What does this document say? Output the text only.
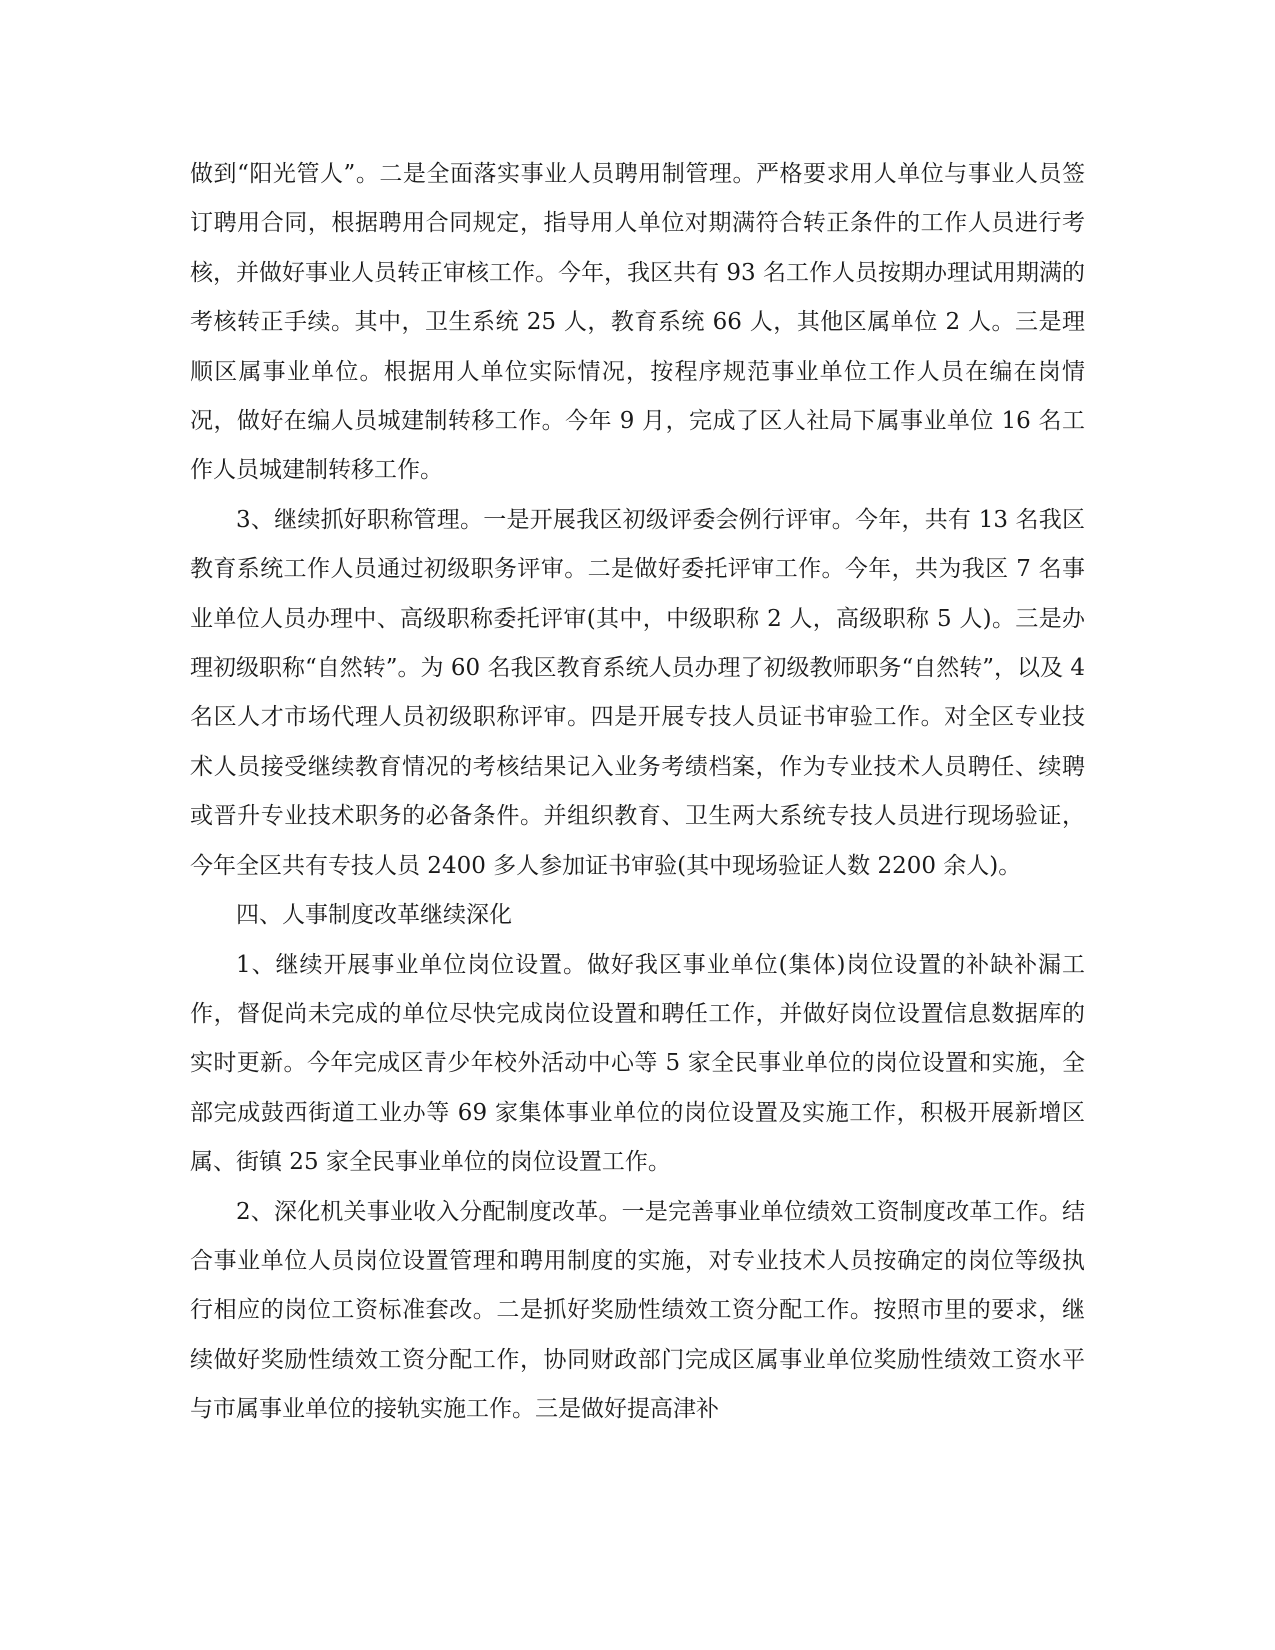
做到“阳光管人”。二是全面落实事业人员聘用制管理。严格要求用人单位与事业人员签订聘用合同，根据聘用合同规定，指导用人单位对期满符合转正条件的工作人员进行考核，并做好事业人员转正审核工作。今年，我区共有 93 名工作人员按期办理试用期满的考核转正手续。其中，卫生系统 25 人，教育系统 66 人，其他区属单位 2 人。三是理顺区属事业单位。根据用人单位实际情况，按程序规范事业单位工作人员在编在岗情况，做好在编人员城建制转移工作。今年 9 月，完成了区人社局下属事业单位 16 名工作人员城建制转移工作。

3、继续抓好职称管理。一是开展我区初级评委会例行评审。今年，共有 13 名我区教育系统工作人员通过初级职务评审。二是做好委托评审工作。今年，共为我区 7 名事业单位人员办理中、高级职称委托评审(其中，中级职称 2 人，高级职称 5 人)。三是办理初级职称“自然转”。为 60 名我区教育系统人员办理了初级教师职务“自然转”，以及 4 名区人才市场代理人员初级职称评审。四是开展专技人员证书审验工作。对全区专业技术人员接受继续教育情况的考核结果记入业务考绩档案，作为专业技术人员聘任、续聘或晋升专业技术职务的必备条件。并组织教育、卫生两大系统专技人员进行现场验证，今年全区共有专技人员 2400 多人参加证书审验(其中现场验证人数 2200 余人)。

四、人事制度改革继续深化

1、继续开展事业单位岗位设置。做好我区事业单位(集体)岗位设置的补缺补漏工作，督促尚未完成的单位尽快完成岗位设置和聘任工作，并做好岗位设置信息数据库的实时更新。今年完成区青少年校外活动中心等 5 家全民事业单位的岗位设置和实施，全部完成鼓西街道工业办等 69 家集体事业单位的岗位设置及实施工作，积极开展新增区属、街镇 25 家全民事业单位的岗位设置工作。

2、深化机关事业收入分配制度改革。一是完善事业单位绩效工资制度改革工作。结合事业单位人员岗位设置管理和聘用制度的实施，对专业技术人员按确定的岗位等级执行相应的岗位工资标准套改。二是抓好奖励性绩效工资分配工作。按照市里的要求，继续做好奖励性绩效工资分配工作，协同财政部门完成区属事业单位奖励性绩效工资水平与市属事业单位的接轨实施工作。三是做好提高津补
